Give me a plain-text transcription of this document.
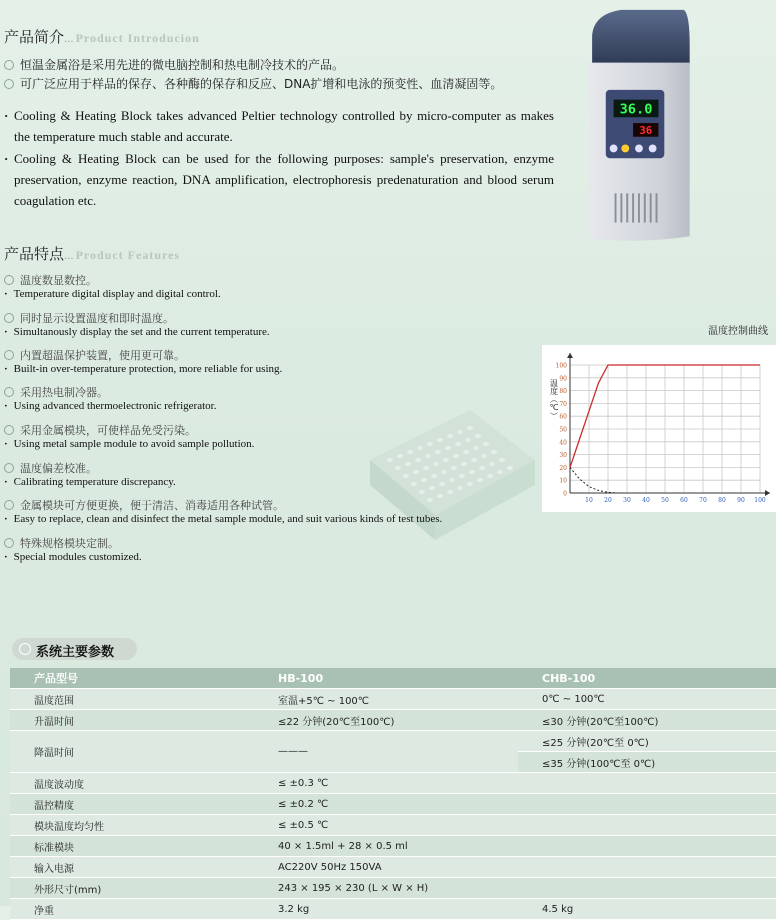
产品简介... Product Introducion
恒温金属浴是采用先进的微电脑控制和热电制冷技术的产品。
可广泛应用于样品的保存、各种酶的保存和反应、DNA扩增和电泳的预变性、血清凝固等。
· Cooling & Heating Block takes advanced Peltier technology controlled by micro-computer as makes the temperature much stable and accurate.
· Cooling & Heating Block can be used for the following purposes: sample's preservation, enzyme preservation, enzyme reaction, DNA amplification, electrophoresis predenaturation and blood serum coagulation etc.
36.0
36
产品特点... Product Features
温度数显数控。
· Temperature digital display and digital control.
同时显示设置温度和即时温度。
· Simultanously display the set and the current temperature.
内置超温保护装置，使用更可靠。
· Built-in over-temperature protection, more reliable for using.
采用热电制冷器。
· Using advanced thermoelectronic refrigerator.
采用金属模块，可使样品免受污染。
· Using metal sample module to avoid sample pollution.
温度偏差校准。
· Calibrating temperature discrepancy.
金属模块可方便更换，便于清洁、消毒适用各种试管。
· Easy to replace, clean and disinfect the metal sample module, and suit various kinds of test tubes.
特殊规格模块定制。
· Special modules customized.
温度控制曲线
0
10
20
30
40
50
60
70
80
90
100
10 20 30 40 50 60 70 80 90 100
温度（℃）
系统主要参数
产品型号	HB-100	CHB-100
温度范围	室温+5℃ ~ 100℃	0℃ ~ 100℃
升温时间	≤22 分钟(20℃至100℃)	≤30 分钟(20℃至100℃)
降温时间	———	≤25 分钟(20℃至 0℃)
		≤35 分钟(100℃至 0℃)
温度波动度	≤ ±0.3 ℃	
温控精度	≤ ±0.2 ℃	
模块温度均匀性	≤ ±0.5 ℃	
标准模块	40 × 1.5ml + 28 × 0.5 ml	
输入电源	AC220V 50Hz 150VA	
外形尺寸(mm)	243 × 195 × 230 (L × W × H)	
净重	3.2 kg	4.5 kg
